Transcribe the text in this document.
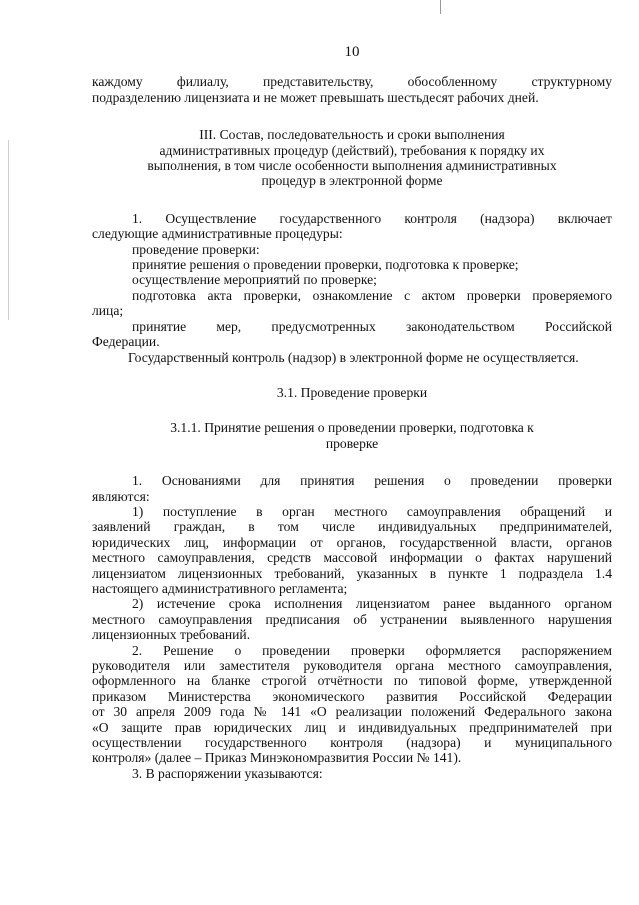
10
каждому филиалу, представительству, обособленному структурному
подразделению лицензиата и не может превышать шестьдесят рабочих дней.
III. Состав, последовательность и сроки выполнения
административных процедур (действий), требования к порядку их
выполнения, в том числе особенности выполнения административных
процедур в электронной форме
1. Осуществление государственного контроля (надзора) включает
следующие административные процедуры:
проведение проверки:
принятие решения о проведении проверки, подготовка к проверке;
осуществление мероприятий по проверке;
подготовка акта проверки, ознакомление с актом проверки проверяемого
лица;
принятие мер, предусмотренных законодательством Российской
Федерации.
Государственный контроль (надзор) в электронной форме не осуществляется.
3.1. Проведение проверки
3.1.1. Принятие решения о проведении проверки, подготовка к
проверке
1. Основаниями для принятия решения о проведении проверки
являются:
1) поступление в орган местного самоуправления обращений и
заявлений граждан, в том числе индивидуальных предпринимателей,
юридических лиц, информации от органов, государственной власти, органов
местного самоуправления, средств массовой информации о фактах нарушений
лицензиатом лицензионных требований, указанных в пункте 1 подраздела 1.4
настоящего административного регламента;
2) истечение срока исполнения лицензиатом ранее выданного органом
местного самоуправления предписания об устранении выявленного нарушения
лицензионных требований.
2. Решение о проведении проверки оформляется распоряжением
руководителя или заместителя руководителя органа местного самоуправления,
оформленного на бланке строгой отчётности по типовой форме, утвержденной
приказом Министерства экономического развития Российской Федерации
от 30 апреля 2009 года № 141 «О реализации положений Федерального закона
«О защите прав юридических лиц и индивидуальных предпринимателей при
осуществлении государственного контроля (надзора) и муниципального
контроля» (далее – Приказ Минэкономразвития России № 141).
3. В распоряжении указываются:
